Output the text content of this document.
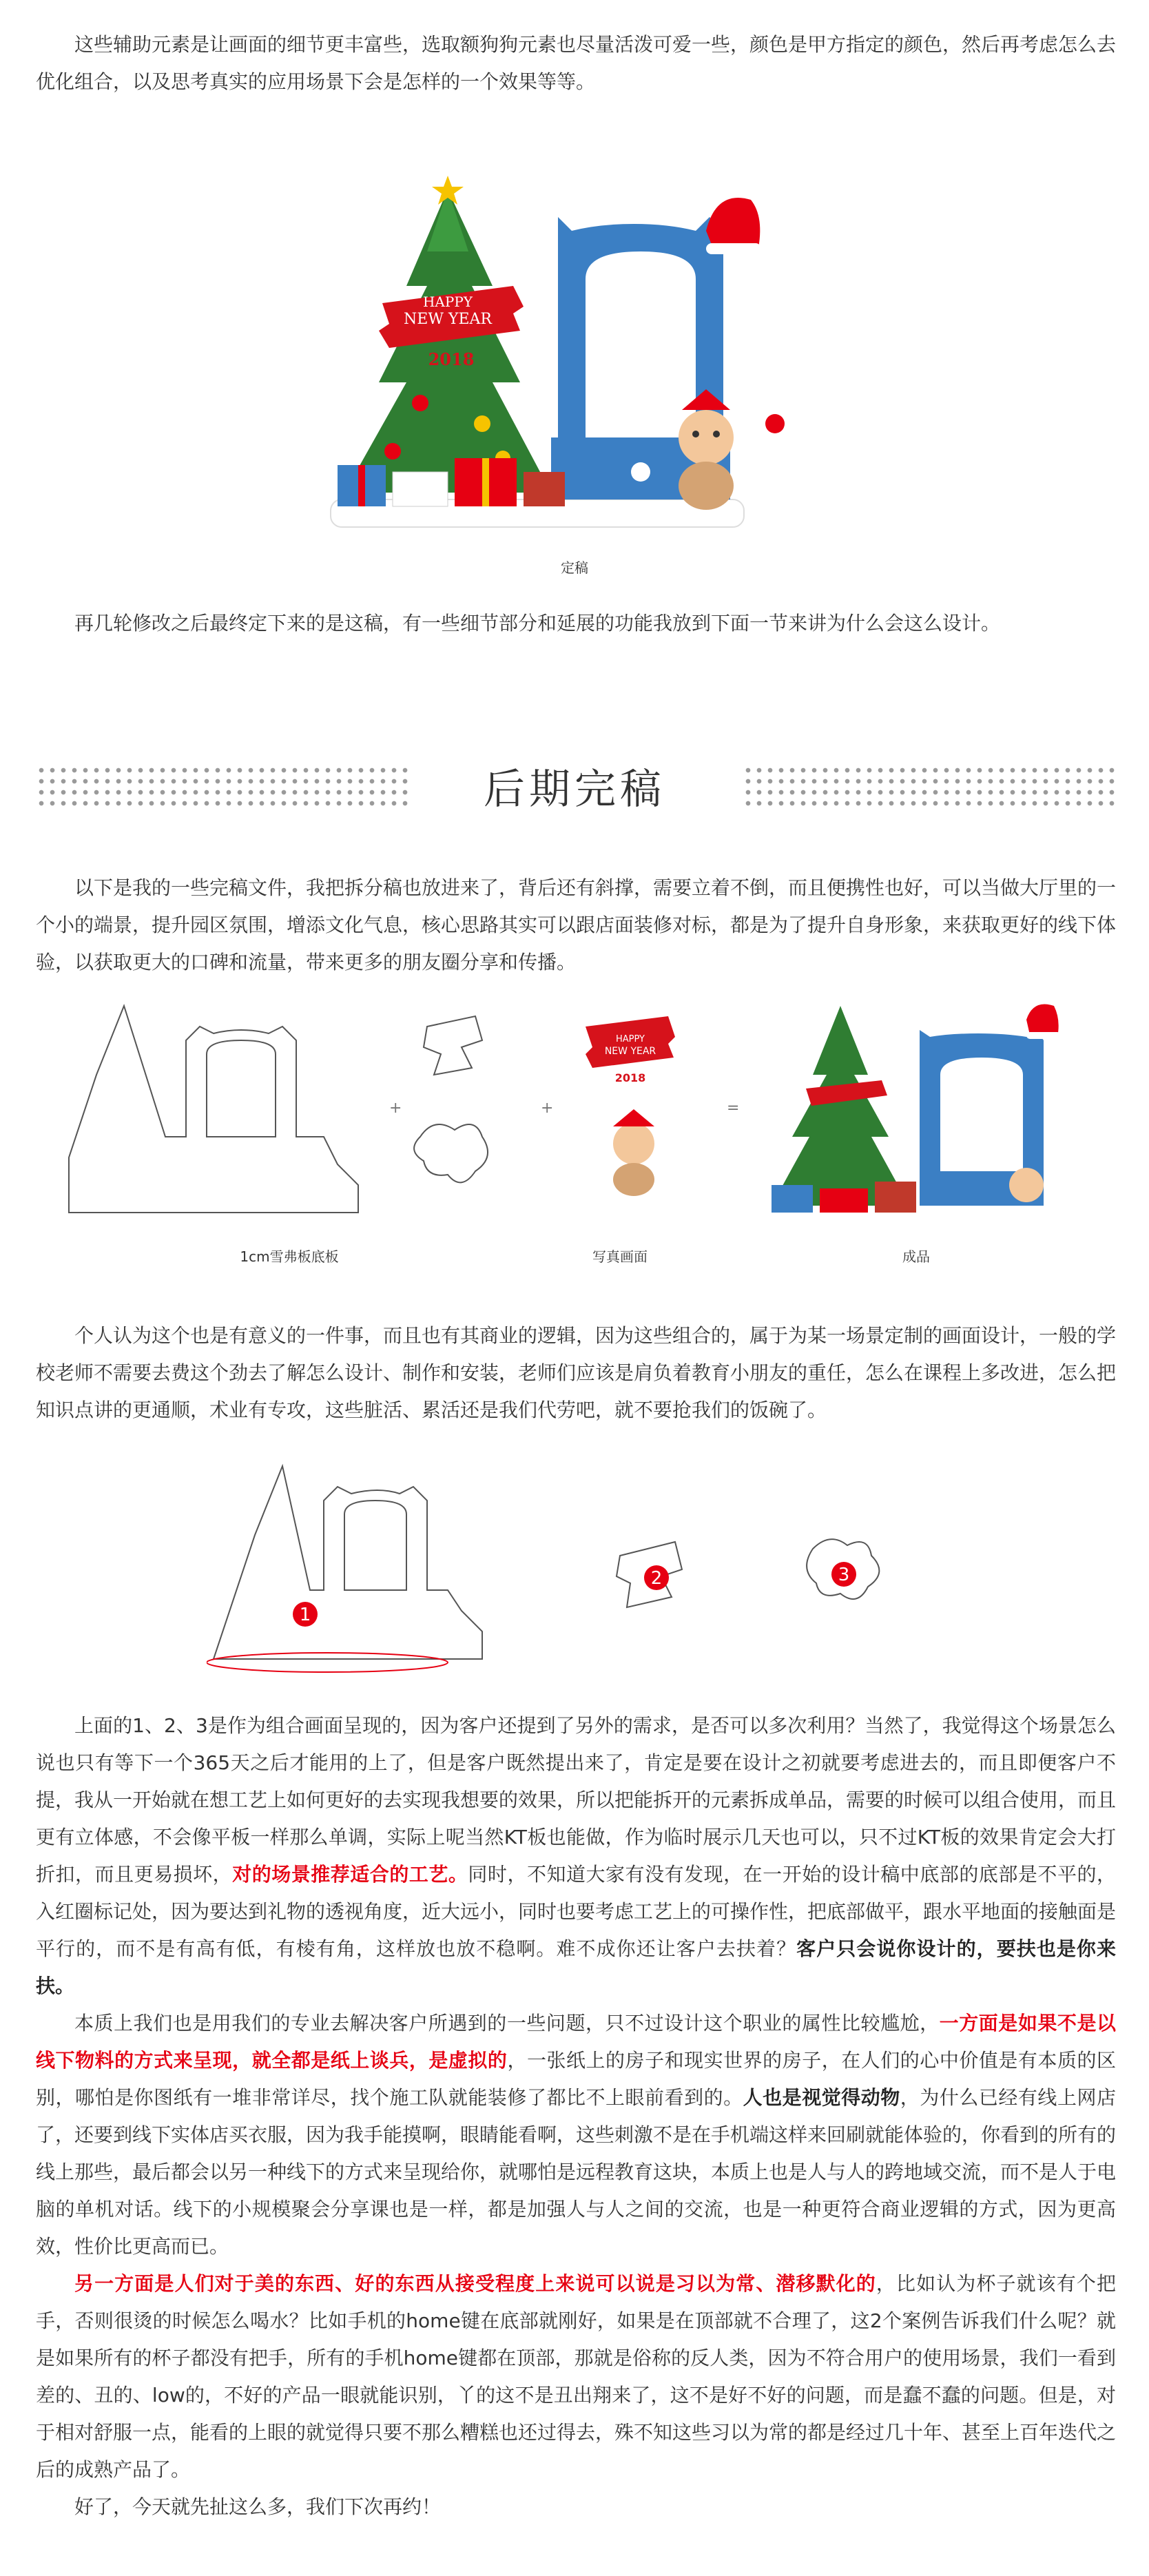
这些辅助元素是让画面的细节更丰富些，选取额狗狗元素也尽量活泼可爱一些，颜色是甲方指定的颜色，然后再考虑怎么去优化组合，以及思考真实的应用场景下会是怎样的一个效果等等。

HAPPY
NEW YEAR
2018
定稿

再几轮修改之后最终定下来的是这稿，有一些细节部分和延展的功能我放到下面一节来讲为什么会这么设计。

后期完稿

以下是我的一些完稿文件，我把拆分稿也放进来了，背后还有斜撑，需要立着不倒，而且便携性也好，可以当做大厅里的一个小的端景，提升园区氛围，增添文化气息，核心思路其实可以跟店面装修对标，都是为了提升自身形象，来获取更好的线下体验，以获取更大的口碑和流量，带来更多的朋友圈分享和传播。

+
HAPPY
NEW YEAR
2018
+	=
1cm雪弗板底板	写真画面	成品

个人认为这个也是有意义的一件事，而且也有其商业的逻辑，因为这些组合的，属于为某一场景定制的画面设计，一般的学校老师不需要去费这个劲去了解怎么设计、制作和安装，老师们应该是肩负着教育小朋友的重任，怎么在课程上多改进，怎么把知识点讲的更通顺，术业有专攻，这些脏活、累活还是我们代劳吧，就不要抢我们的饭碗了。

1
2	3

上面的1、2、3是作为组合画面呈现的，因为客户还提到了另外的需求，是否可以多次利用？当然了，我觉得这个场景怎么说也只有等下一个365天之后才能用的上了，但是客户既然提出来了，肯定是要在设计之初就要考虑进去的，而且即便客户不提，我从一开始就在想工艺上如何更好的去实现我想要的效果，所以把能拆开的元素拆成单品，需要的时候可以组合使用，而且更有立体感，不会像平板一样那么单调，实际上呢当然KT板也能做，作为临时展示几天也可以，只不过KT板的效果肯定会大打折扣，而且更易损坏，对的场景推荐适合的工艺。同时，不知道大家有没有发现，在一开始的设计稿中底部的底部是不平的，入红圈标记处，因为要达到礼物的透视角度，近大远小，同时也要考虑工艺上的可操作性，把底部做平，跟水平地面的接触面是平行的，而不是有高有低，有棱有角，这样放也放不稳啊。难不成你还让客户去扶着？客户只会说你设计的，要扶也是你来扶。

本质上我们也是用我们的专业去解决客户所遇到的一些问题，只不过设计这个职业的属性比较尴尬，一方面是如果不是以线下物料的方式来呈现，就全都是纸上谈兵，是虚拟的，一张纸上的房子和现实世界的房子，在人们的心中价值是有本质的区别，哪怕是你图纸有一堆非常详尽，找个施工队就能装修了都比不上眼前看到的。人也是视觉得动物，为什么已经有线上网店了，还要到线下实体店买衣服，因为我手能摸啊，眼睛能看啊，这些刺激不是在手机端这样来回刷就能体验的，你看到的所有的线上那些，最后都会以另一种线下的方式来呈现给你，就哪怕是远程教育这块，本质上也是人与人的跨地域交流，而不是人于电脑的单机对话。线下的小规模聚会分享课也是一样，都是加强人与人之间的交流，也是一种更符合商业逻辑的方式，因为更高效，性价比更高而已。

另一方面是人们对于美的东西、好的东西从接受程度上来说可以说是习以为常、潜移默化的，比如认为杯子就该有个把手，否则很烫的时候怎么喝水？比如手机的home键在底部就刚好，如果是在顶部就不合理了，这2个案例告诉我们什么呢？就是如果所有的杯子都没有把手，所有的手机home键都在顶部，那就是俗称的反人类，因为不符合用户的使用场景，我们一看到差的、丑的、low的，不好的产品一眼就能识别，丫的这不是丑出翔来了，这不是好不好的问题，而是蠢不蠢的问题。但是，对于相对舒服一点，能看的上眼的就觉得只要不那么糟糕也还过得去，殊不知这些习以为常的都是经过几十年、甚至上百年迭代之后的成熟产品了。

好了，今天就先扯这么多，我们下次再约！
